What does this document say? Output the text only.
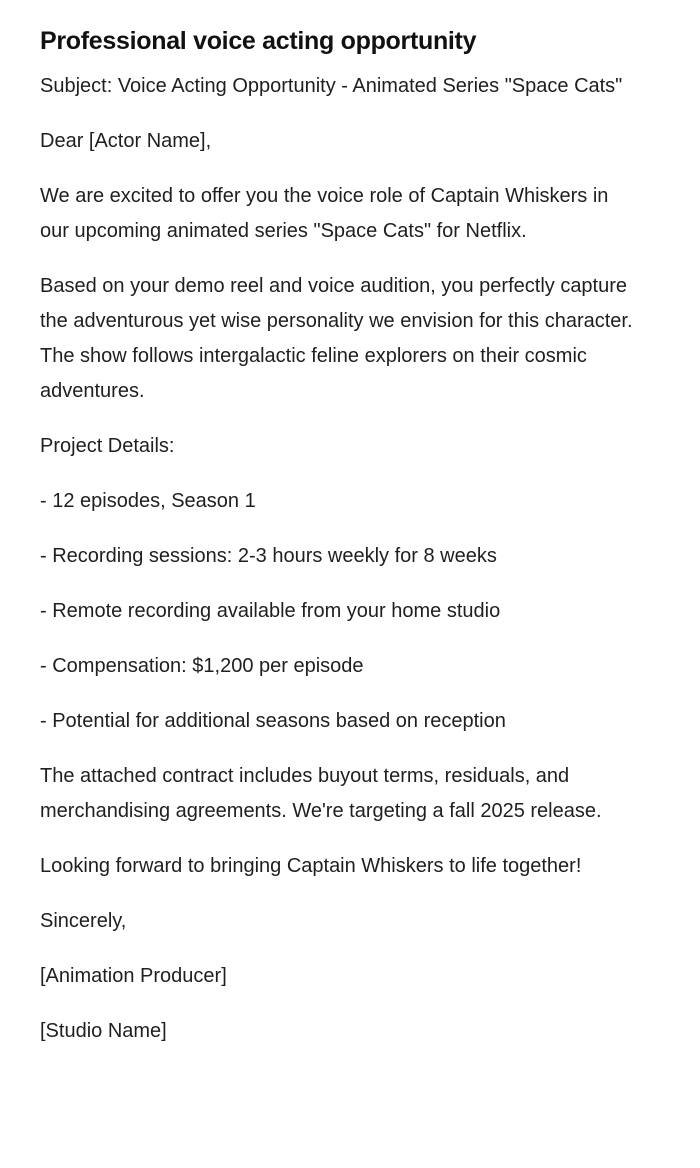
Professional voice acting opportunity

Subject: Voice Acting Opportunity - Animated Series "Space Cats"

Dear [Actor Name],

We are excited to offer you the voice role of Captain Whiskers in our upcoming animated series "Space Cats" for Netflix.

Based on your demo reel and voice audition, you perfectly capture the adventurous yet wise personality we envision for this character. The show follows intergalactic feline explorers on their cosmic adventures.

Project Details:

- 12 episodes, Season 1

- Recording sessions: 2-3 hours weekly for 8 weeks

- Remote recording available from your home studio

- Compensation: $1,200 per episode

- Potential for additional seasons based on reception

The attached contract includes buyout terms, residuals, and merchandising agreements. We're targeting a fall 2025 release.

Looking forward to bringing Captain Whiskers to life together!

Sincerely,

[Animation Producer]

[Studio Name]
